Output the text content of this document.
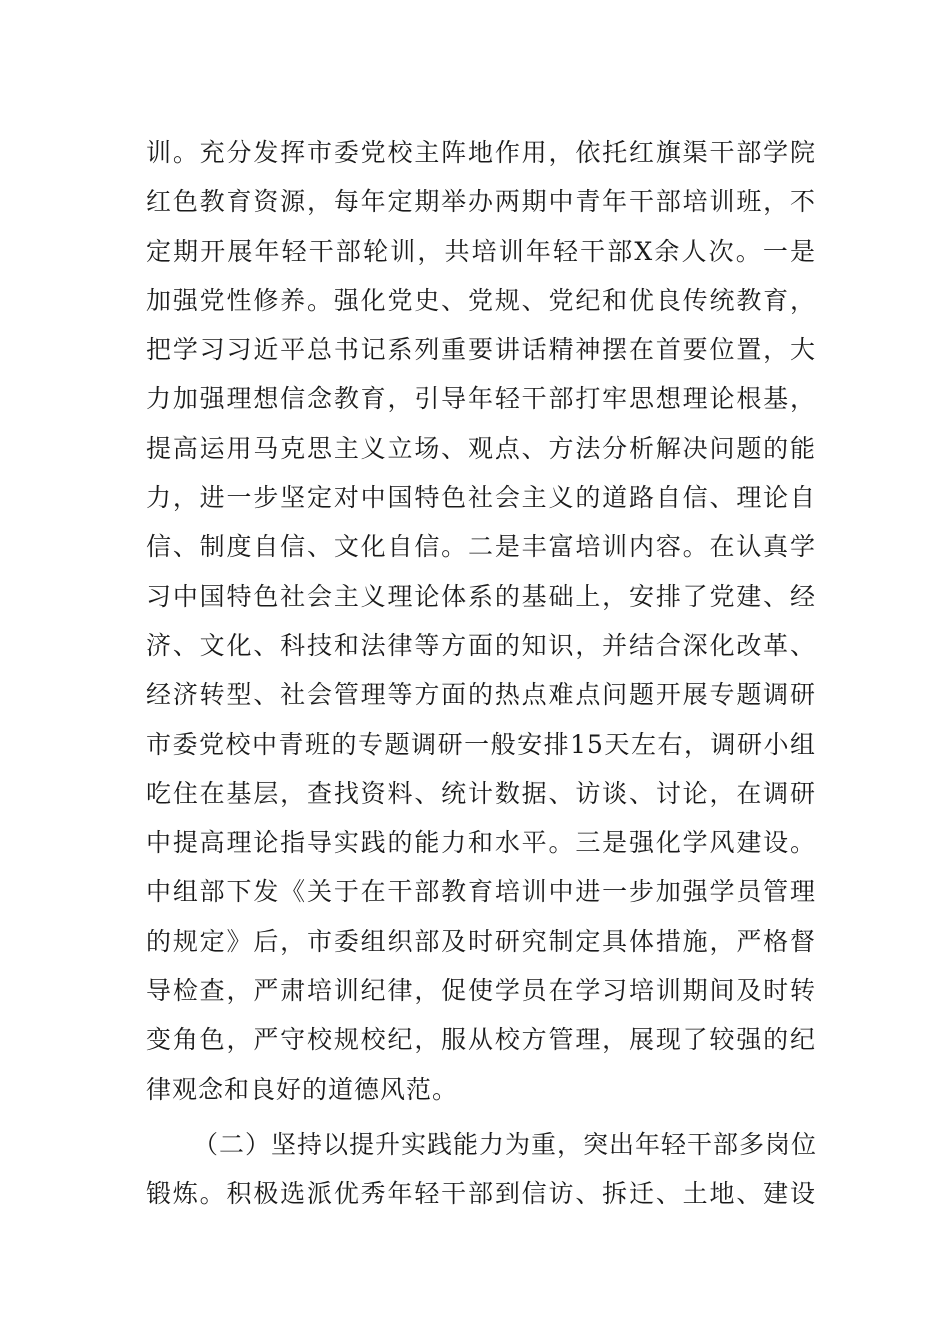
训。充分发挥市委党校主阵地作用，依托红旗渠干部学院
红色教育资源，每年定期举办两期中青年干部培训班，不
定期开展年轻干部轮训，共培训年轻干部X余人次。一是
加强党性修养。强化党史、党规、党纪和优良传统教育，
把学习习近平总书记系列重要讲话精神摆在首要位置，大
力加强理想信念教育，引导年轻干部打牢思想理论根基，
提高运用马克思主义立场、观点、方法分析解决问题的能
力，进一步坚定对中国特色社会主义的道路自信、理论自
信、制度自信、文化自信。二是丰富培训内容。在认真学
习中国特色社会主义理论体系的基础上，安排了党建、经
济、文化、科技和法律等方面的知识，并结合深化改革、
经济转型、社会管理等方面的热点难点问题开展专题调研
市委党校中青班的专题调研一般安排15天左右，调研小组
吃住在基层，查找资料、统计数据、访谈、讨论，在调研
中提高理论指导实践的能力和水平。三是强化学风建设。
中组部下发《关于在干部教育培训中进一步加强学员管理
的规定》后，市委组织部及时研究制定具体措施，严格督
导检查，严肃培训纪律，促使学员在学习培训期间及时转
变角色，严守校规校纪，服从校方管理，展现了较强的纪
律观念和良好的道德风范。
（二）坚持以提升实践能力为重，突出年轻干部多岗位
锻炼。积极选派优秀年轻干部到信访、拆迁、土地、建设
